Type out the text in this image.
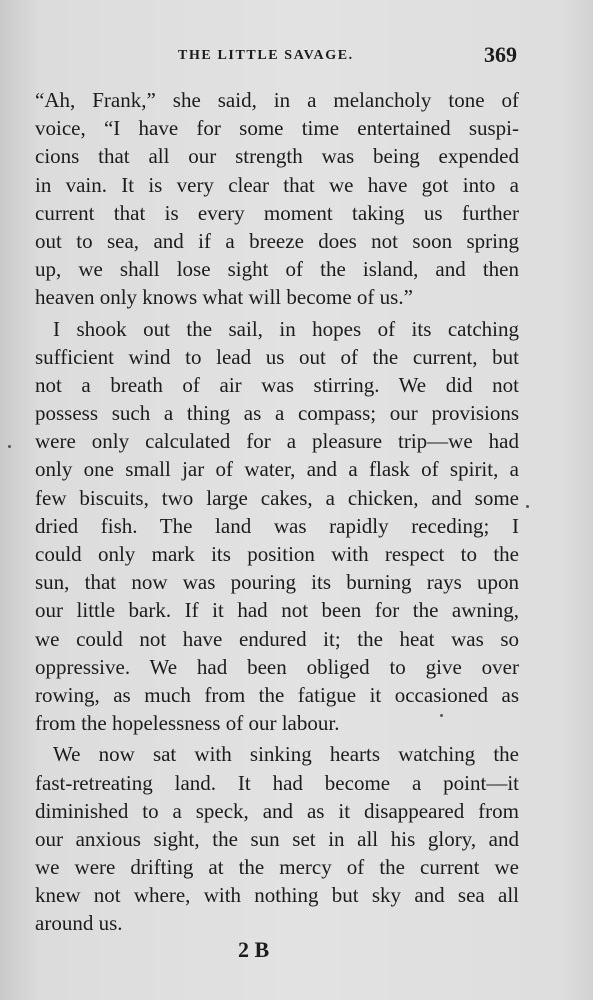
THE LITTLE SAVAGE.	369
“Ah, Frank,” she said, in a melancholy tone of
voice, “I have for some time entertained suspi-
cions that all our strength was being expended
in vain. It is very clear that we have got into a
current that is every moment taking us further
out to sea, and if a breeze does not soon spring
up, we shall lose sight of the island, and then
heaven only knows what will become of us.”
I shook out the sail, in hopes of its catching
sufficient wind to lead us out of the current, but
not a breath of air was stirring. We did not
possess such a thing as a compass; our provisions
were only calculated for a pleasure trip—we had
only one small jar of water, and a flask of spirit, a
few biscuits, two large cakes, a chicken, and some
dried fish. The land was rapidly receding; I
could only mark its position with respect to the
sun, that now was pouring its burning rays upon
our little bark. If it had not been for the awning,
we could not have endured it; the heat was so
oppressive. We had been obliged to give over
rowing, as much from the fatigue it occasioned as
from the hopelessness of our labour.
We now sat with sinking hearts watching the
fast-retreating land. It had become a point—it
diminished to a speck, and as it disappeared from
our anxious sight, the sun set in all his glory, and
we were drifting at the mercy of the current we
knew not where, with nothing but sky and sea all
around us.
2 B
